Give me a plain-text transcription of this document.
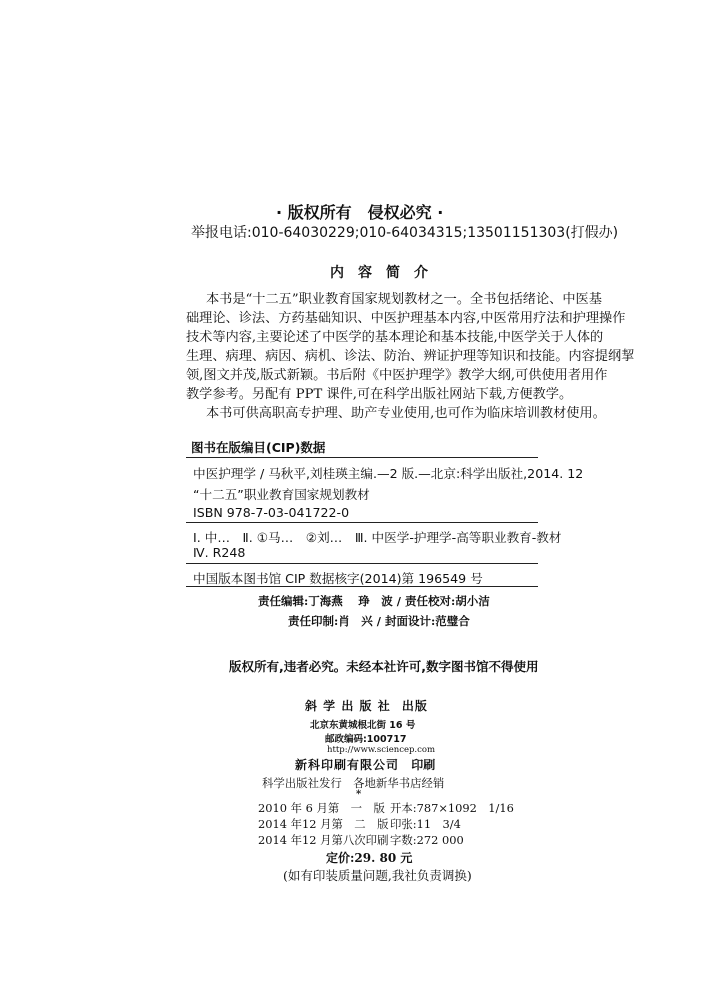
· 版权所有　侵权必究 ·
举报电话:010-64030229;010-64034315;13501151303(打假办)
内　容　简　介
本书是“十二五”职业教育国家规划教材之一。全书包括绪论、中医基
础理论、诊法、方药基础知识、中医护理基本内容,中医常用疗法和护理操作
技术等内容,主要论述了中医学的基本理论和基本技能,中医学关于人体的
生理、病理、病因、病机、诊法、防治、辨证护理等知识和技能。内容提纲挈
领,图文并茂,版式新颖。书后附《中医护理学》教学大纲,可供使用者用作
教学参考。另配有 PPT 课件,可在科学出版社网站下载,方便教学。
本书可供高职高专护理、助产专业使用,也可作为临床培训教材使用。
图书在版编目(CIP)数据
中医护理学 / 马秋平,刘桂瑛主编.—2 版.—北京:科学出版社,2014. 12
“十二五”职业教育国家规划教材
ISBN 978-7-03-041722-0
Ⅰ. 中…　Ⅱ. ①马…　②刘…　Ⅲ. 中医学-护理学-高等职业教育-教材
Ⅳ. R248
中国版本图书馆 CIP 数据核字(2014)第 196549 号
责任编辑:丁海燕　 琤　波 / 责任校对:胡小洁
责任印制:肖　兴 / 封面设计:范璧合
版权所有,违者必究。未经本社许可,数字图书馆不得使用
斜 学 出 版 社 出版
北京东黄城根北街 16 号
邮政编码:100717
http://www.sciencep.com
新科印刷有限公司 印刷
科学出版社发行　各地新华书店经销
*
2010 年 6 月第　一　版 开本:787×1092　1/16
2014 年12 月第　二　版 印张:11　3/4
2014 年12 月第八次印刷 字数:272 000
定价:29. 80 元
(如有印装质量问题,我社负责调换)
